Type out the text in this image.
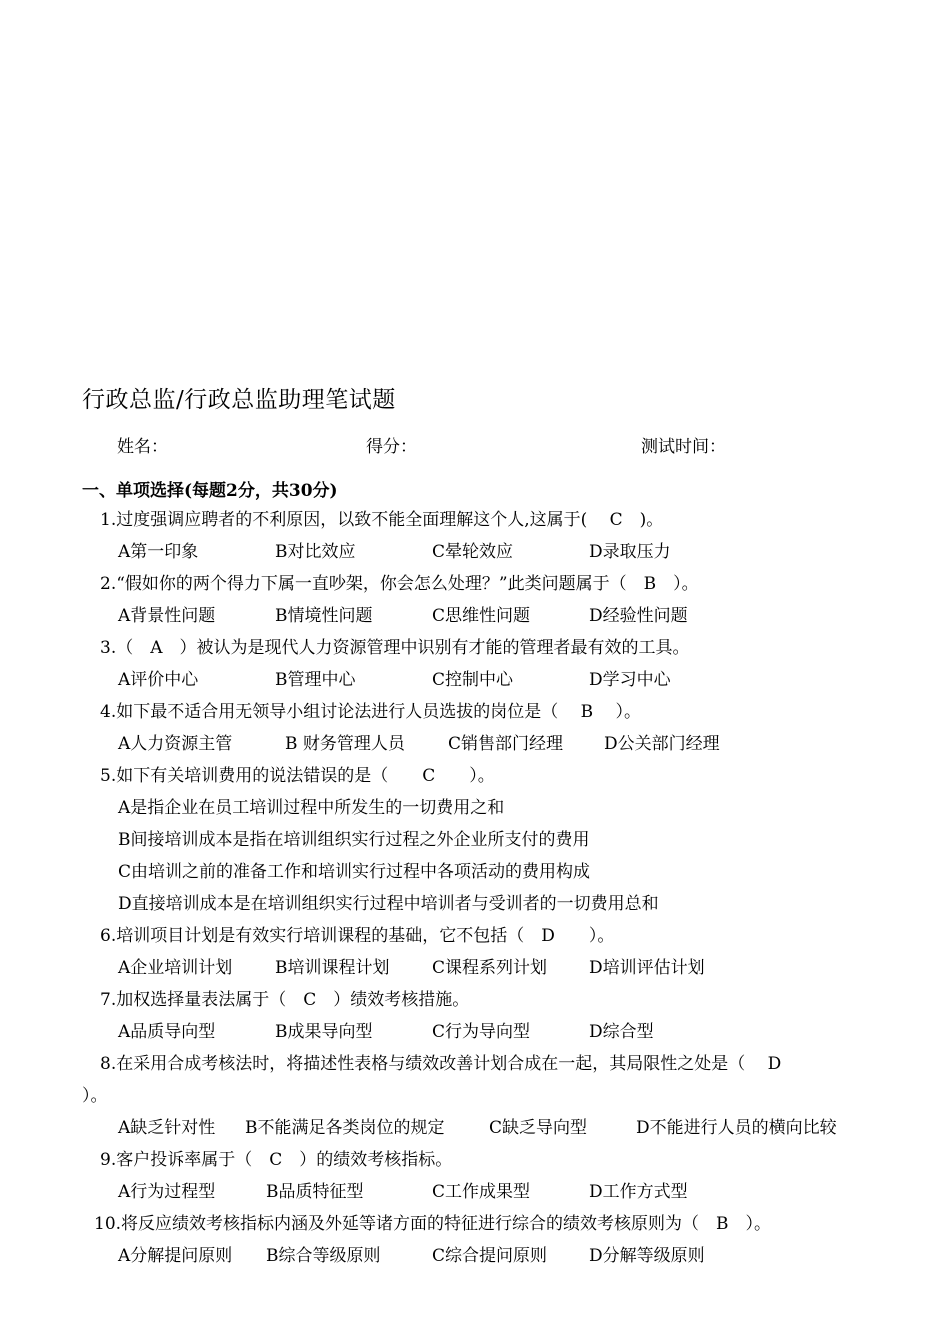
行政总监/行政总监助理笔试题
姓名：	得分：	测试时间：
一、单项选择(每题2分，共30分)
1.过度强调应聘者的不利原因，以致不能全面理解这个人,这属于(　 C　)。
A第一印象	B对比效应	C晕轮效应	D录取压力
2.“假如你的两个得力下属一直吵架，你会怎么处理？”此类问题属于（　B　）。
A背景性问题	B情境性问题	C思维性问题	D经验性问题
3.（　A　）被认为是现代人力资源管理中识别有才能的管理者最有效的工具。
A评价中心	B管理中心	C控制中心	D学习中心
4.如下最不适合用无领导小组讨论法进行人员选拔的岗位是（　 B　 ）。
A人力资源主管	B 财务管理人员	C销售部门经理 D公关部门经理
5.如下有关培训费用的说法错误的是（　　C　　）。
A是指企业在员工培训过程中所发生的一切费用之和
B间接培训成本是指在培训组织实行过程之外企业所支付的费用
C由培训之前的准备工作和培训实行过程中各项活动的费用构成
D直接培训成本是在培训组织实行过程中培训者与受训者的一切费用总和
6.培训项目计划是有效实行培训课程的基础，它不包括（　D　　）。
A企业培训计划	B培训课程计划	C课程系列计划 D培训评估计划
7.加权选择量表法属于（　C　）绩效考核措施。
A品质导向型	B成果导向型	C行为导向型	D综合型
8.在采用合成考核法时，将描述性表格与绩效改善计划合成在一起，其局限性之处是（　 D
）。
A缺乏针对性 B不能满足各类岗位的规定	C缺乏导向型	D不能进行人员的横向比较
9.客户投诉率属于（　C　）的绩效考核指标。
A行为过程型	B品质特征型	C工作成果型	D工作方式型
10.将反应绩效考核指标内涵及外延等诸方面的特征进行综合的绩效考核原则为（　B　）。
A分解提问原则 B综合等级原则	C综合提问原则 D分解等级原则
